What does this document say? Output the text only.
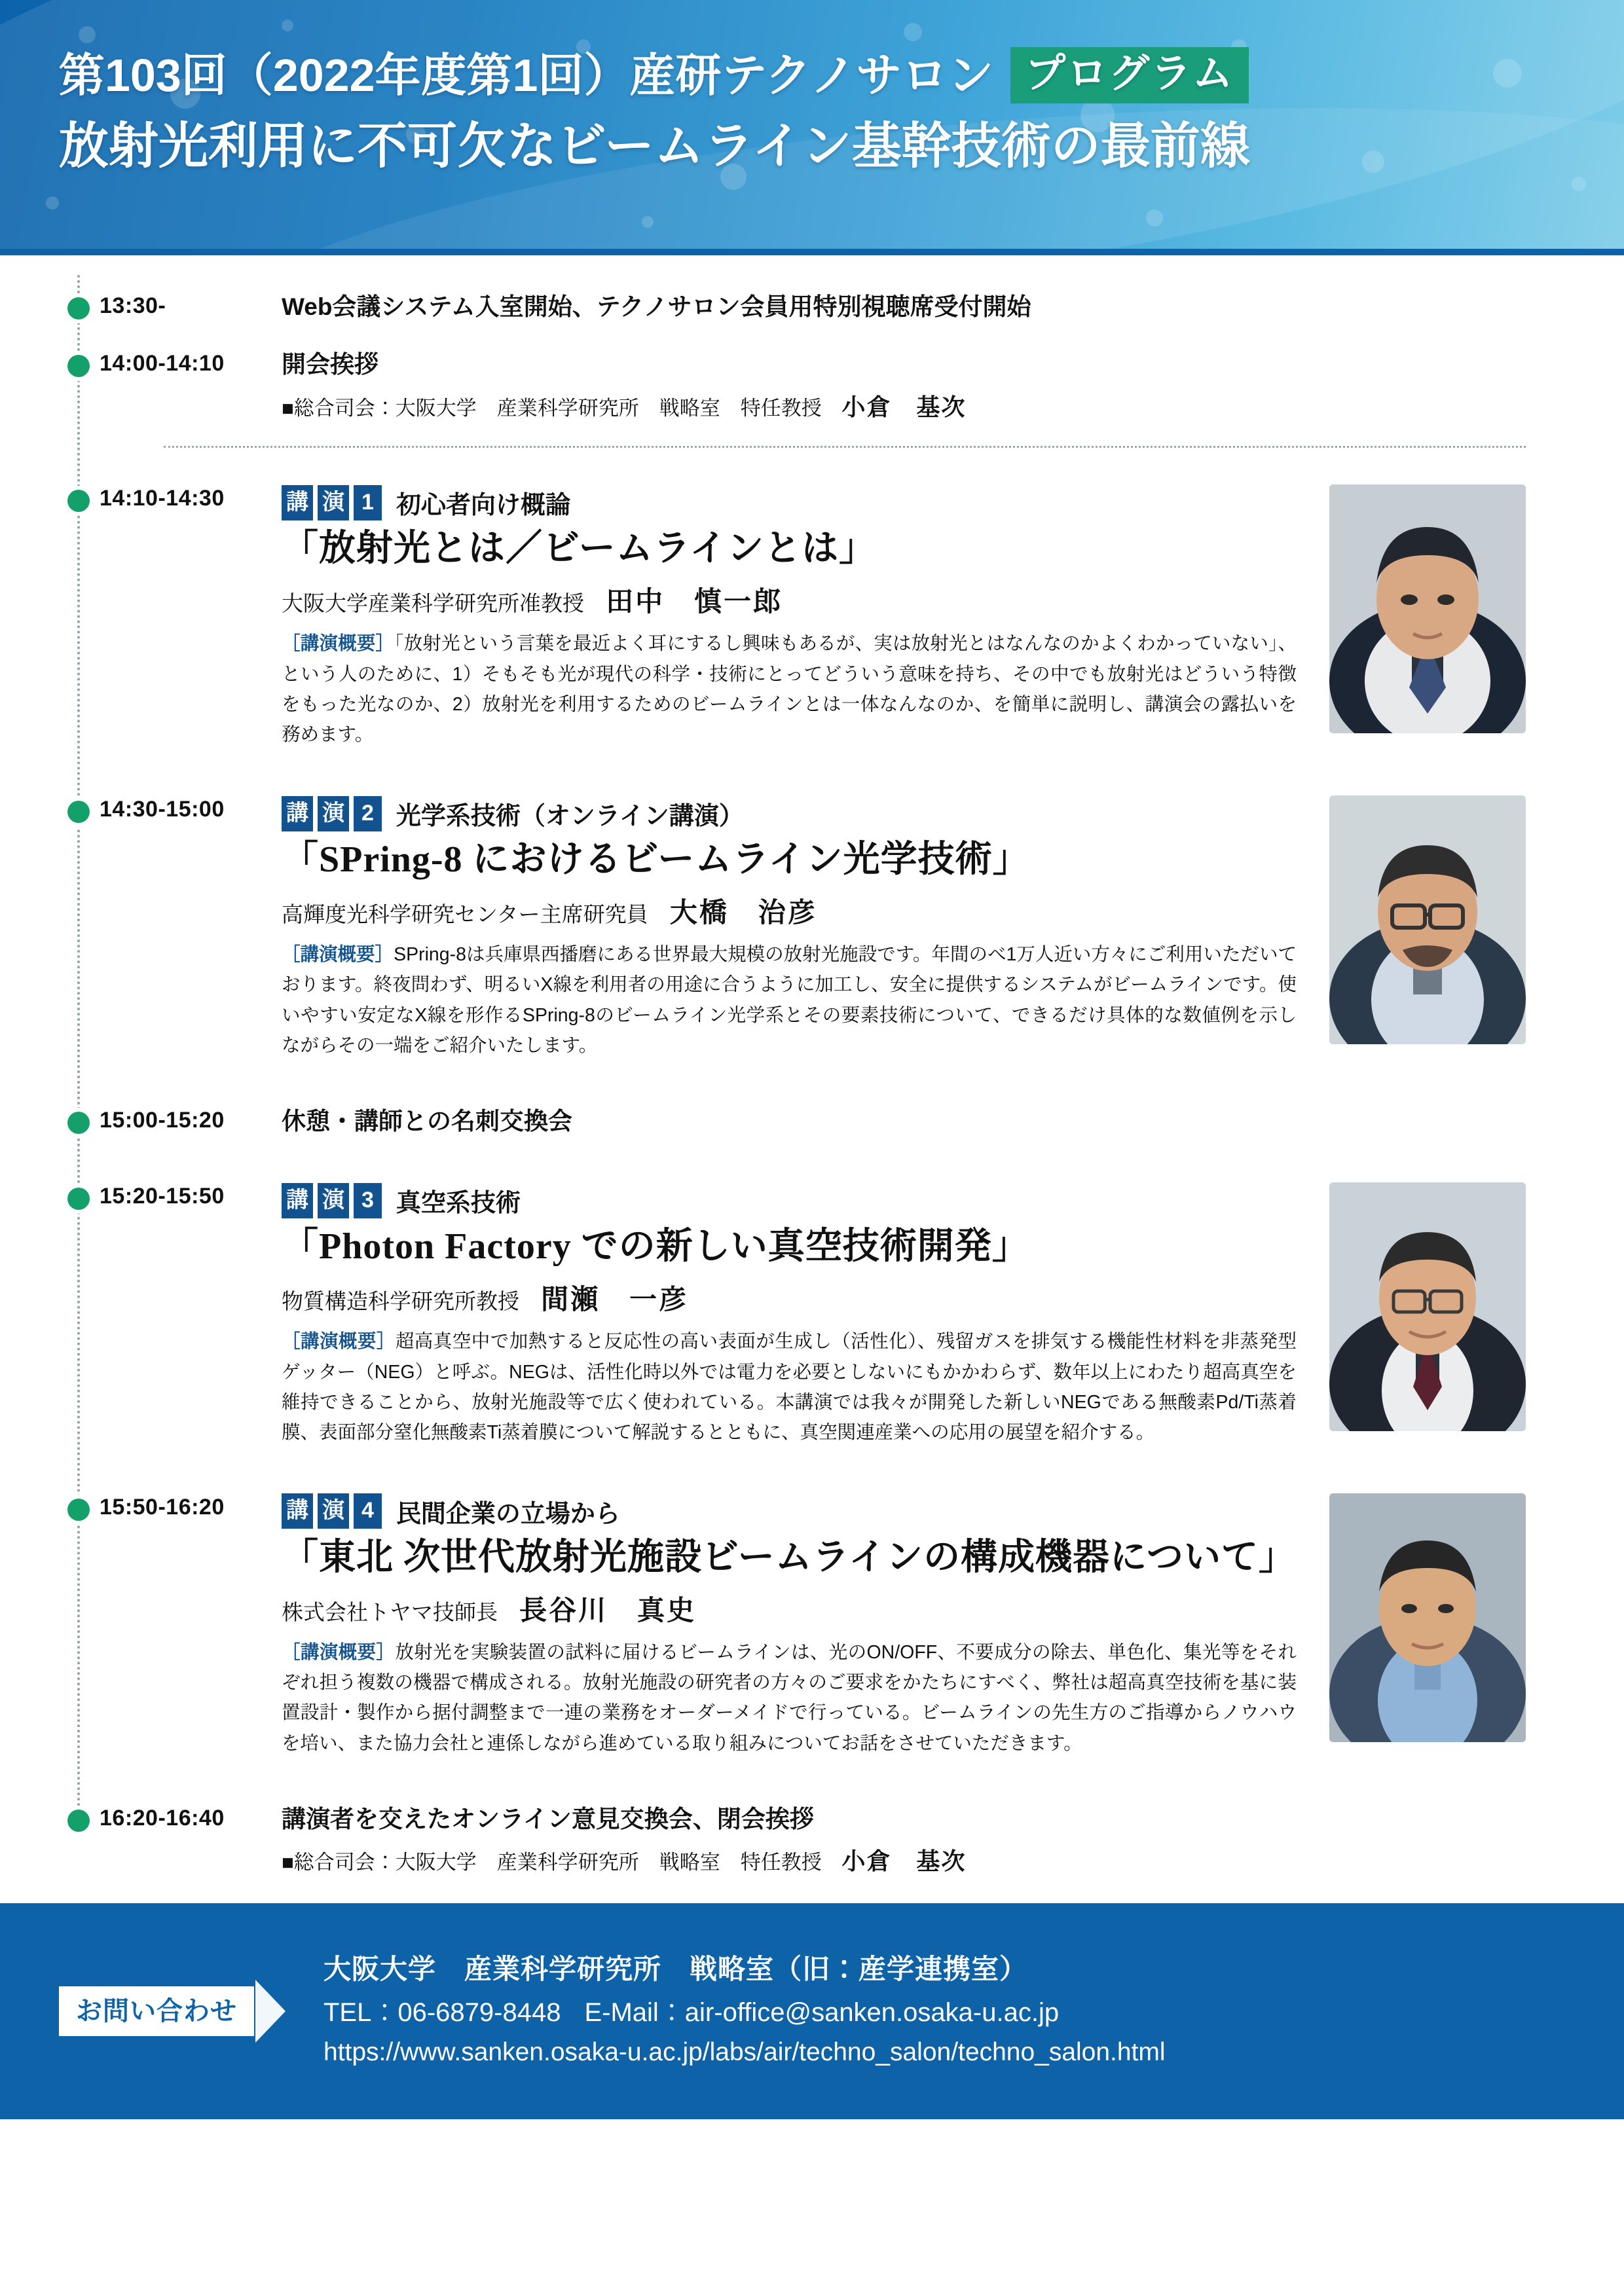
第103回（2022年度第1回）産研テクノサロン プログラム
放射光利用に不可欠なビームライン基幹技術の最前線
13:30-	Web会議システム入室開始、テクノサロン会員用特別視聴席受付開始
14:00-14:10	開会挨拶
■総合司会：大阪大学　産業科学研究所　戦略室　特任教授 小倉　基次
14:10-14:30	講 演 1 初心者向け概論
「放射光とは／ビームラインとは」
大阪大学産業科学研究所准教授 田中　慎一郎
［講演概要］「放射光という言葉を最近よく耳にするし興味もあるが、実は放射光とはなんなのかよくわかっていない」、という人のために、1）そもそも光が現代の科学・技術にとってどういう意味を持ち、その中でも放射光はどういう特徴をもった光なのか、2）放射光を利用するためのビームラインとは一体なんなのか、を簡単に説明し、講演会の露払いを務めます。
14:30-15:00	講 演 2 光学系技術（オンライン講演）
「SPring-8 におけるビームライン光学技術」
高輝度光科学研究センター主席研究員 大橋　治彦
［講演概要］SPring-8は兵庫県西播磨にある世界最大規模の放射光施設です。年間のべ1万人近い方々にご利用いただいております。終夜問わず、明るいX線を利用者の用途に合うように加工し、安全に提供するシステムがビームラインです。使いやすい安定なX線を形作るSPring-8のビームライン光学系とその要素技術について、できるだけ具体的な数値例を示しながらその一端をご紹介いたします。
15:00-15:20	休憩・講師との名刺交換会
15:20-15:50	講 演 3 真空系技術
「Photon Factory での新しい真空技術開発」
物質構造科学研究所教授 間瀬　一彦
［講演概要］超高真空中で加熱すると反応性の高い表面が生成し（活性化）、残留ガスを排気する機能性材料を非蒸発型ゲッター（NEG）と呼ぶ。NEGは、活性化時以外では電力を必要としないにもかかわらず、数年以上にわたり超高真空を維持できることから、放射光施設等で広く使われている。本講演では我々が開発した新しいNEGである無酸素Pd/Ti蒸着膜、表面部分窒化無酸素Ti蒸着膜について解説するとともに、真空関連産業への応用の展望を紹介する。
15:50-16:20	講 演 4 民間企業の立場から
「東北 次世代放射光施設ビームラインの構成機器について」
株式会社トヤマ技師長 長谷川　真史
［講演概要］放射光を実験装置の試料に届けるビームラインは、光のON/OFF、不要成分の除去、単色化、集光等をそれぞれ担う複数の機器で構成される。放射光施設の研究者の方々のご要求をかたちにすべく、弊社は超高真空技術を基に装置設計・製作から据付調整まで一連の業務をオーダーメイドで行っている。ビームラインの先生方のご指導からノウハウを培い、また協力会社と連係しながら進めている取り組みについてお話をさせていただきます。
16:20-16:40	講演者を交えたオンライン意見交換会、閉会挨拶
■総合司会：大阪大学　産業科学研究所　戦略室　特任教授 小倉　基次
お問い合わせ
大阪大学　産業科学研究所　戦略室（旧：産学連携室）
TEL：06-6879-8448 E-Mail：air-office@sanken.osaka-u.ac.jp
https://www.sanken.osaka-u.ac.jp/labs/air/techno_salon/techno_salon.html
